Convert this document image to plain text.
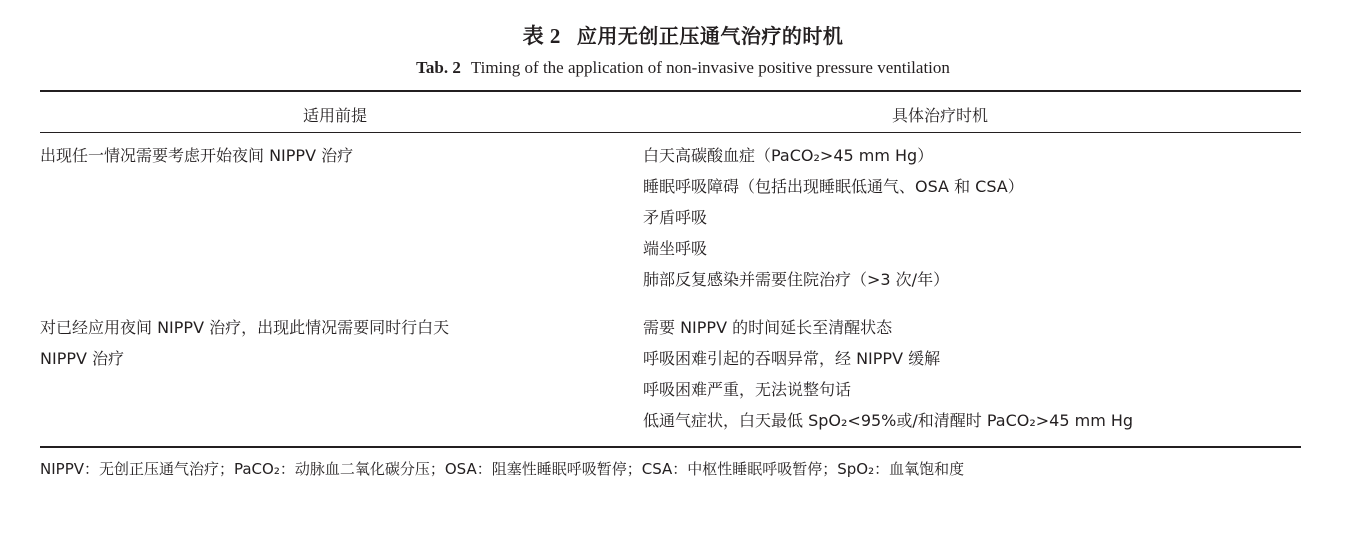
表 2 应用无创正压通气治疗的时机
Tab. 2 Timing of the application of non-invasive positive pressure ventilation
适用前提	具体治疗时机
出现任一情况需要考虑开始夜间 NIPPV 治疗	白天高碳酸血症（PaCO₂>45 mm Hg）
睡眠呼吸障碍（包括出现睡眠低通气、OSA 和 CSA）
矛盾呼吸
端坐呼吸
肺部反复感染并需要住院治疗（>3 次/年）
对已经应用夜间 NIPPV 治疗，出现此情况需要同时行白天
NIPPV 治疗
需要 NIPPV 的时间延长至清醒状态
呼吸困难引起的吞咽异常，经 NIPPV 缓解
呼吸困难严重，无法说整句话
低通气症状，白天最低 SpO₂<95%或/和清醒时 PaCO₂>45 mm Hg
NIPPV：无创正压通气治疗；PaCO₂：动脉血二氧化碳分压；OSA：阻塞性睡眠呼吸暂停；CSA：中枢性睡眠呼吸暂停；SpO₂：血氧饱和度
